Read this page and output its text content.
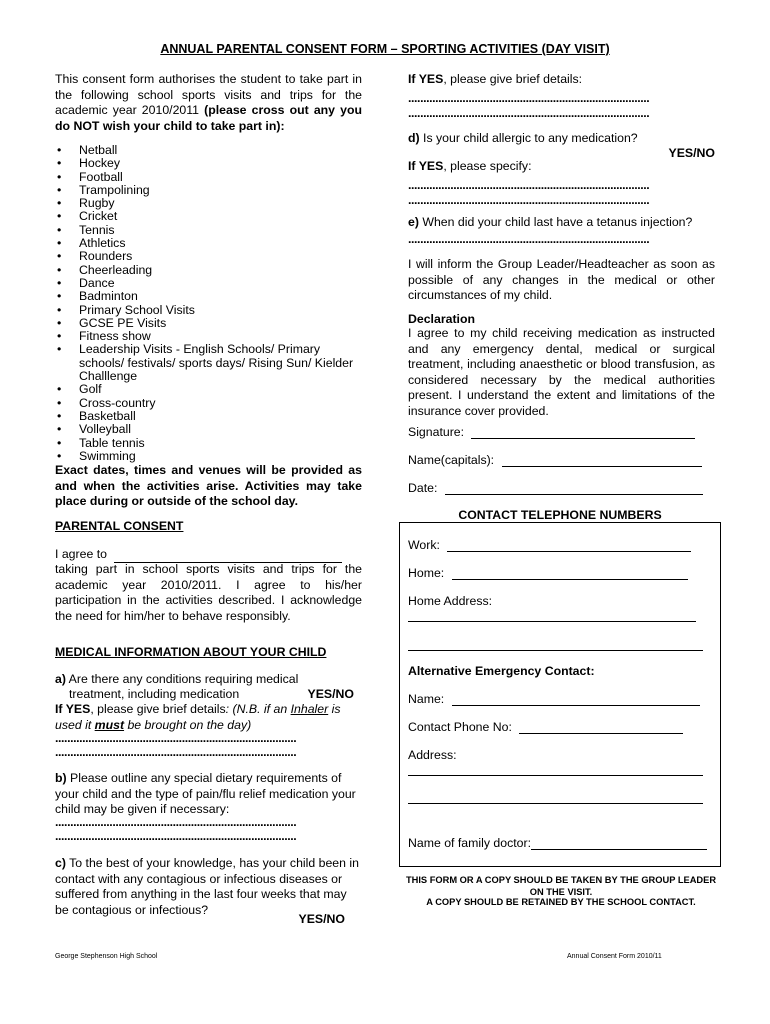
ANNUAL PARENTAL CONSENT FORM – SPORTING ACTIVITIES (DAY VISIT)
This consent form authorises the student to take part in the following school sports visits and trips for the academic year 2010/2011 (please cross out any you do NOT wish your child to take part in):
• Netball
• Hockey
• Football
• Trampolining
• Rugby
• Cricket
• Tennis
• Athletics
• Rounders
• Cheerleading
• Dance
• Badminton
• Primary School Visits
• GCSE PE Visits
• Fitness show
• Leadership Visits - English Schools/ Primary schools/ festivals/ sports days/ Rising Sun/ Kielder Challlenge
• Golf
• Cross-country
• Basketball
• Volleyball
• Table tennis
• Swimming
Exact dates, times and venues will be provided as and when the activities arise. Activities may take place during or outside of the school day.
PARENTAL CONSENT
I agree to
taking part in school sports visits and trips for the academic year 2010/2011. I agree to his/her participation in the activities described. I acknowledge the need for him/her to behave responsibly.
MEDICAL INFORMATION ABOUT YOUR CHILD
a) Are there any conditions requiring medical
treatment, including medication	YES/NO
If YES, please give brief details: (N.B. if an Inhaler is used it must be brought on the day)
................................................................................
................................................................................
b) Please outline any special dietary requirements of your child and the type of pain/flu relief medication your child may be given if necessary:
................................................................................
................................................................................
c) To the best of your knowledge, has your child been in contact with any contagious or infectious diseases or suffered from anything in the last four weeks that may be contagious or infectious?
YES/NO
George Stephenson High School
If YES, please give brief details:
................................................................................
................................................................................
d) Is your child allergic to any medication?
YES/NO
If YES, please specify:
................................................................................
................................................................................
e) When did your child last have a tetanus injection?
................................................................................
I will inform the Group Leader/Headteacher as soon as possible of any changes in the medical or other circumstances of my child.
Declaration
I agree to my child receiving medication as instructed and any emergency dental, medical or surgical treatment, including anaesthetic or blood transfusion, as considered necessary by the medical authorities present. I understand the extent and limitations of the insurance cover provided.
Signature:
Name(capitals):
Date:
CONTACT TELEPHONE NUMBERS
Work:
Home:
Home Address:
Alternative Emergency Contact:
Name:
Contact Phone No:
Address:
Name of family doctor:
THIS FORM OR A COPY SHOULD BE TAKEN BY THE GROUP LEADER ON THE VISIT.
A COPY SHOULD BE RETAINED BY THE SCHOOL CONTACT.
Annual Consent Form 2010/11
